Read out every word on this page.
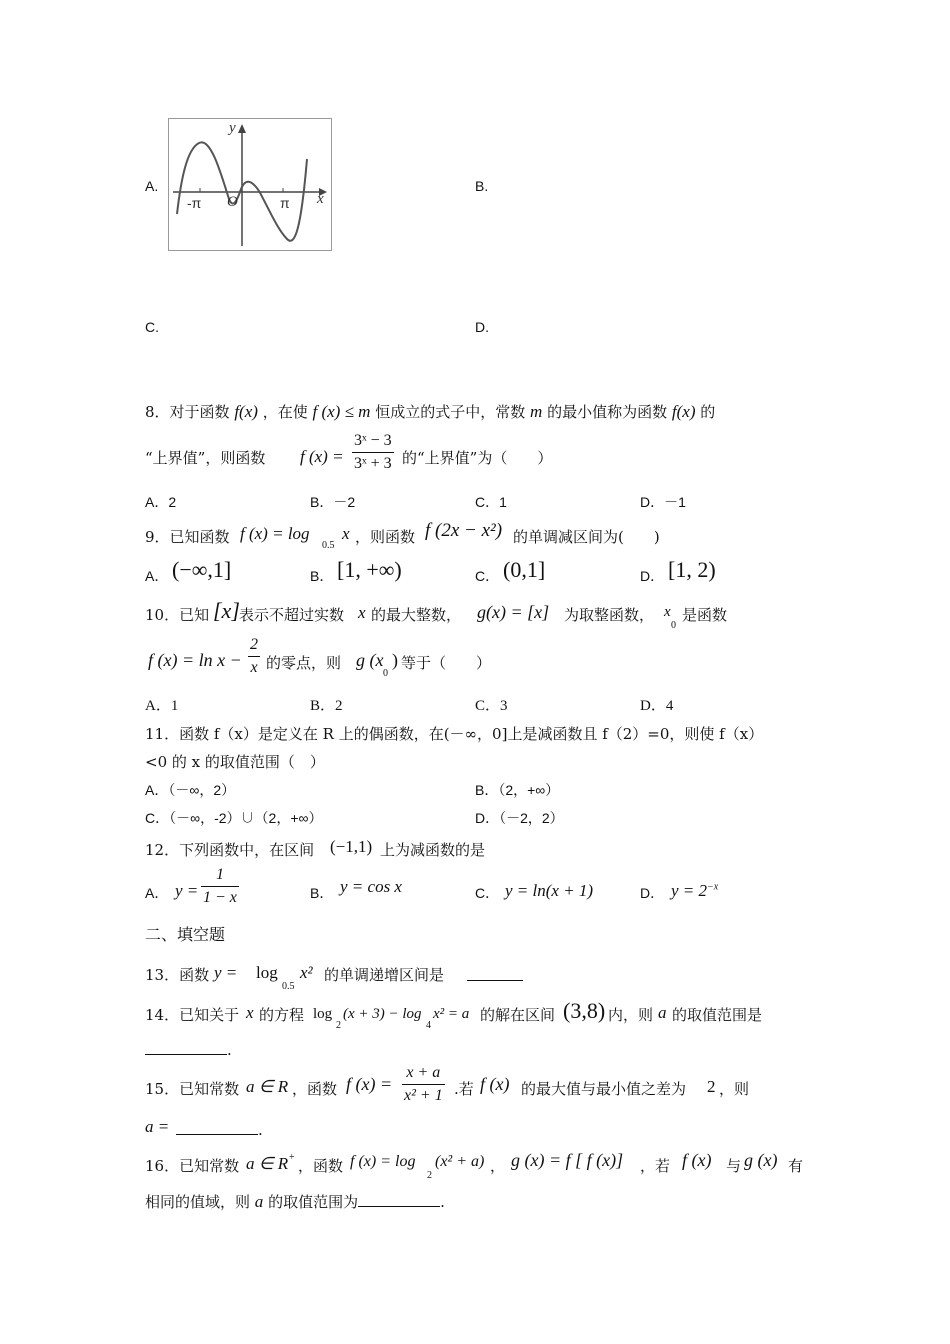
A.
y
x
-π O	π
B.
C.	D.
8．对于函数 f(x) ，在使 f (x) ≤ m 恒成立的式子中，常数 m 的最小值称为函数 f(x) 的
“上界值”，则函数 f (x) =
3ˣ − 3
3ˣ + 3 的“上界值”为（　　）
A．2	B．－2	C．1	D．－1
9．已知函数 f (x) = log
0.5
x ，则函数 f (2x − x²) 的单调减区间为(　　)
A． (−∞,1]	B． [1, +∞)	C． (0,1]	D． [1, 2)
10．已知 [x] 表示不超过实数 x 的最大整数， g(x) = [x] 为取整函数， x
0
是函数
f (x) = ln x −
2
x 的零点，则 g (x
0
) 等于（　　）
A．1	B．2	C．3	D．4
11．函数 f（x）是定义在 R 上的偶函数，在(－∞，0]上是减函数且 f（2）=0，则使 f（x）
<0 的 x 的取值范围（　）
A．（－∞，2）	B．（2，+∞）
C．（－∞，-2）∪（2，+∞）	D．（－2，2）
12．下列函数中，在区间 (−1,1) 上为减函数的是
A． y =
1
1 − x	B． y = cos x	C． y = ln(x + 1)	D． $y = 2^{-x}$
二、填空题
13．函数 y = log
0.5
x² 的单调递增区间是
14．已知关于 x 的方程 log
2
(x + 3) − log
4
x² = a 的解在区间 (3,8) 内，则 a 的取值范围是
.
15．已知常数 a ∈ R ，函数 f (x) =
x + a
x² + 1 .若 f (x) 的最大值与最小值之差为 2 ，则
a =	.
16．已知常数 a ∈ R + ，函数 f (x) = log
2
(x² + a) ， g (x) = f [ f (x)] ，若 f (x) 与 g (x) 有
相同的值域，则 a 的取值范围为	.
